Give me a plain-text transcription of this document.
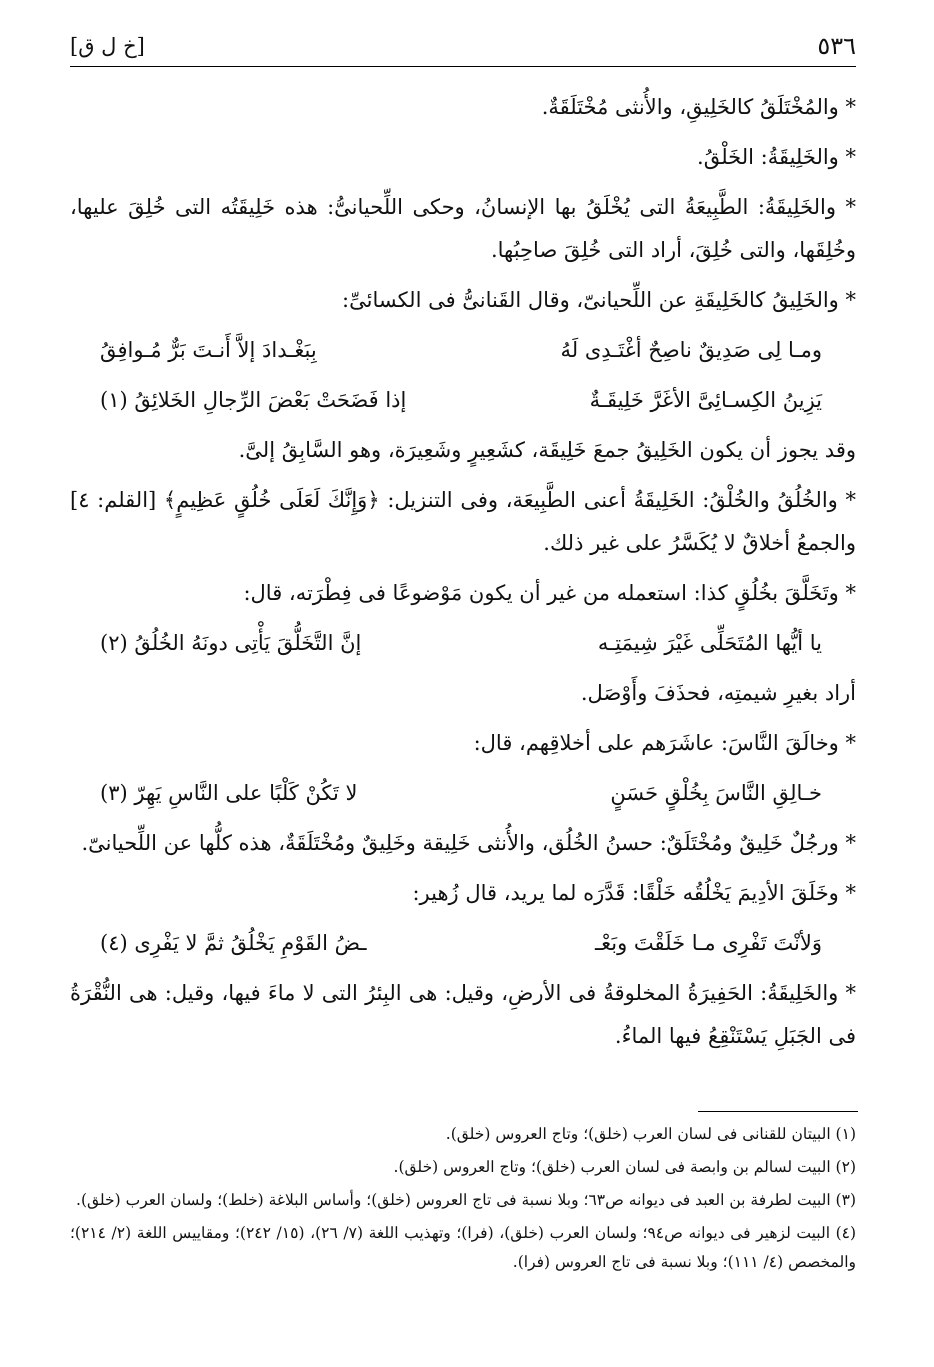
٥٣٦
[خ ل ق]

* والمُخْتَلَقُ كالخَلِيقِ، والأُنثى مُخْتَلَقَةٌ.

* والخَلِيقَةُ: الخَلْقُ.

* والخَلِيقَةُ: الطَّبِيعَةُ التى يُخْلَقُ بها الإنسانُ، وحكى اللِّحيانىُّ: هذه خَلِيقَتُه التى خُلِقَ عليها، وخُلِقَها، والتى خُلِقَ، أراد التى خُلِقَ صاحِبُها.

* والخَلِيقُ كالخَلِيقَةِ عن اللِّحيانىّ، وقال القَنانىُّ فى الكسائىِّ:

ومـا لِى صَدِيقٌ ناصِحٌ أغْتَـدِى لَهُ
بِبَغْـدادَ إلاَّ أَنـتَ بَرٌّ مُـوافِقُ
يَزِينُ الكِسـائِىَّ الأغَرَّ خَلِيقَـةٌ
إذا فَضَحَتْ بَعْضَ الرِّجالِ الخَلائِقُ (١)

وقد يجوز أن يكون الخَلِيقُ جمعَ خَلِيقَة، كشَعِيرٍ وشَعِيرَة، وهو السَّابِقُ إلىَّ.

* والخُلُقُ والخُلْقُ: الخَلِيقَةُ أعنى الطَّبِيعَة، وفى التنزيل: ﴿وَإِنَّكَ لَعَلَى خُلُقٍ عَظِيمٍ﴾ [القلم: ٤] والجمعُ أخلاقٌ لا يُكَسَّرُ على غير ذلك.

* وتَخَلَّقَ بخُلُقٍ كذا: استعمله من غير أن يكون مَوْضوعًا فى فِطْرَته، قال:

يا أيُّها المُتَحَلِّى غَيْرَ شِيمَتِـه
إنَّ التَّخَلُّقَ يَأْتِى دونَهُ الخُلُقُ (٢)

أراد بغيرِ شيمتِه، فحذَفَ وأَوْصَل.

* وخالَقَ النَّاسَ: عاشَرَهم على أخلاقِهم، قال:

خـالِقِ النَّاسَ بِخُلْقٍ حَسَنٍ
لا تَكُنْ كَلْبًا على النَّاسِ يَهِرّ (٣)

* ورجُلٌ خَلِيقٌ ومُخْتَلَقٌ: حسنُ الخُلُق، والأُنثى خَلِيقة وخَلِيقٌ ومُخْتَلَقَةٌ، هذه كلُّها عن اللِّحيانىّ.

* وخَلَقَ الأدِيمَ يَخْلُقُه خَلْقًا: قَدَّرَه لما يريد، قال زُهير:

وَلأنْتَ تَفْرِى مـا خَلَقْتَ وبَعْـ
ـضُ القَوْمِ يَخْلُقُ ثمَّ لا يَفْرِى (٤)

* والخَلِيقَةُ: الحَفِيرَةُ المخلوقةُ فى الأرضِ، وقيل: هى البِئرُ التى لا ماءَ فيها، وقيل: هى النُّقْرَةُ فى الجَبَلِ يَسْتَنْقِعُ فيها الماءُ.

(١) البيتان للقنانى فى لسان العرب (خلق)؛ وتاج العروس (خلق).

(٢) البيت لسالم بن وابصة فى لسان العرب (خلق)؛ وتاج العروس (خلق).

(٣) البيت لطرفة بن العبد فى ديوانه ص٦٣؛ وبلا نسبة فى تاج العروس (خلق)؛ وأساس البلاغة (خلط)؛ ولسان العرب (خلق).

(٤) البيت لزهير فى ديوانه ص٩٤؛ ولسان العرب (خلق)، (فرا)؛ وتهذيب اللغة (٧/ ٢٦)، (١٥/ ٢٤٢)؛ ومقاييس اللغة (٢/ ٢١٤)؛ والمخصص (٤/ ١١١)؛ وبلا نسبة فى تاج العروس (فرا).
